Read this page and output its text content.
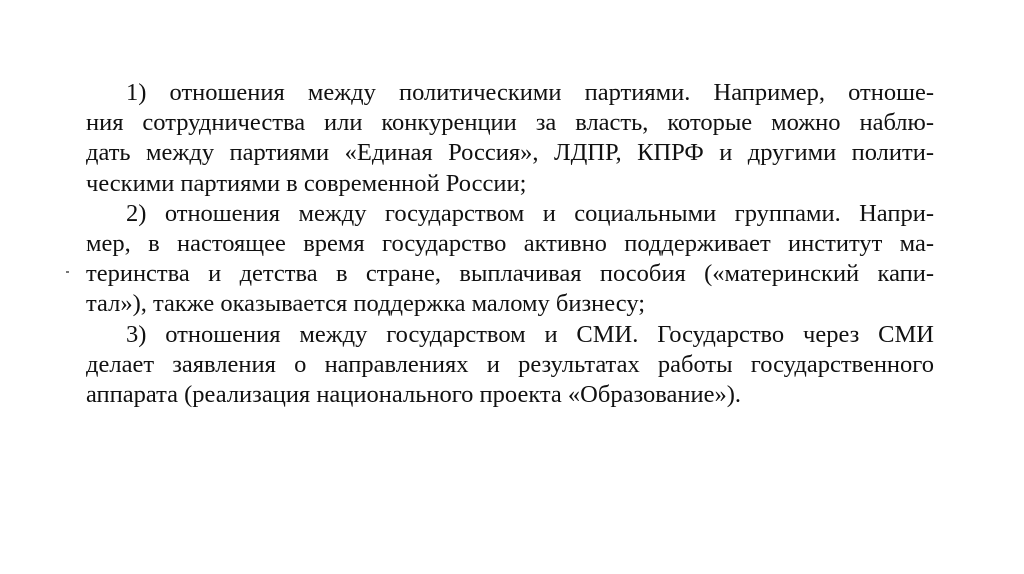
1) отношения между политическими партиями. Например, отноше-
ния сотрудничества или конкуренции за власть, которые можно наблю-
дать между партиями «Единая Россия», ЛДПР, КПРФ и другими полити-
ческими партиями в современной России;
2) отношения между государством и социальными группами. Напри-
мер, в настоящее время государство активно поддерживает институт ма-
теринства и детства в стране, выплачивая пособия («материнский капи-
тал»), также оказывается поддержка малому бизнесу;
3) отношения между государством и СМИ. Государство через СМИ
делает заявления о направлениях и результатах работы государственного
аппарата (реализация национального проекта «Образование»).
